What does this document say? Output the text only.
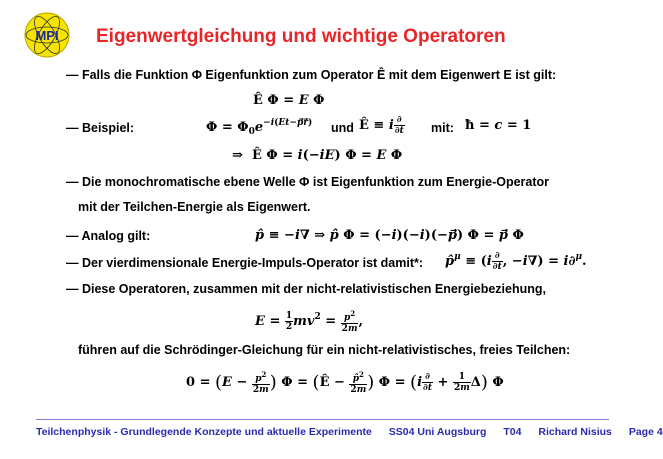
MPI Eigenwertgleichung und wichtige Operatoren
— Falls die Funktion Φ Eigenfunktion zum Operator Ê mit dem Eigenwert E ist gilt:
Ê Φ = E Φ
— Beispiel:	$\Phi = \Phi_0e^{-i(Et-pr⃗)}$ und Ê ≡ i $\frac{\partial}{\partial t}$ mit: ħ = c = 1
⇒  Ê Φ = i(−iE) Φ = E Φ
— Die monochromatische ebene Welle Φ ist Eigenfunktion zum Energie-Operator
mit der Teilchen-Energie als Eigenwert.
— Analog gilt:	p̂ ≡ −i∇ ⇒ p̂ Φ = (−i)(−i)(−p⃗) Φ = p⃗ Φ
— Der vierdimensionale Energie-Impuls-Operator ist damit*: p̂$^\mu$ ≡ ($i \frac{\partial}{\partial t}$ , −i∇) = i∂$^\mu$.
— Diese Operatoren, zusammen mit der nicht-relativistischen Energiebeziehung,
$E = \frac{1}{2} mv^2 = \frac{p^2}{2m}$ ,
führen auf die Schrödinger-Gleichung für ein nicht-relativistisches, freies Teilchen:
$0 = (E - \frac{p^2}{2m}$ ) Φ = (Ê − $\frac{p̂^2}{2m}$ ) $\Phi = (i \frac{\partial}{\partial t} + \frac{1}{2m} \Delta)$ Φ
Teilchenphysik - Grundlegende Konzepte und aktuelle Experimente SS04 Uni Augsburg T04 Richard Nisius Page 4
